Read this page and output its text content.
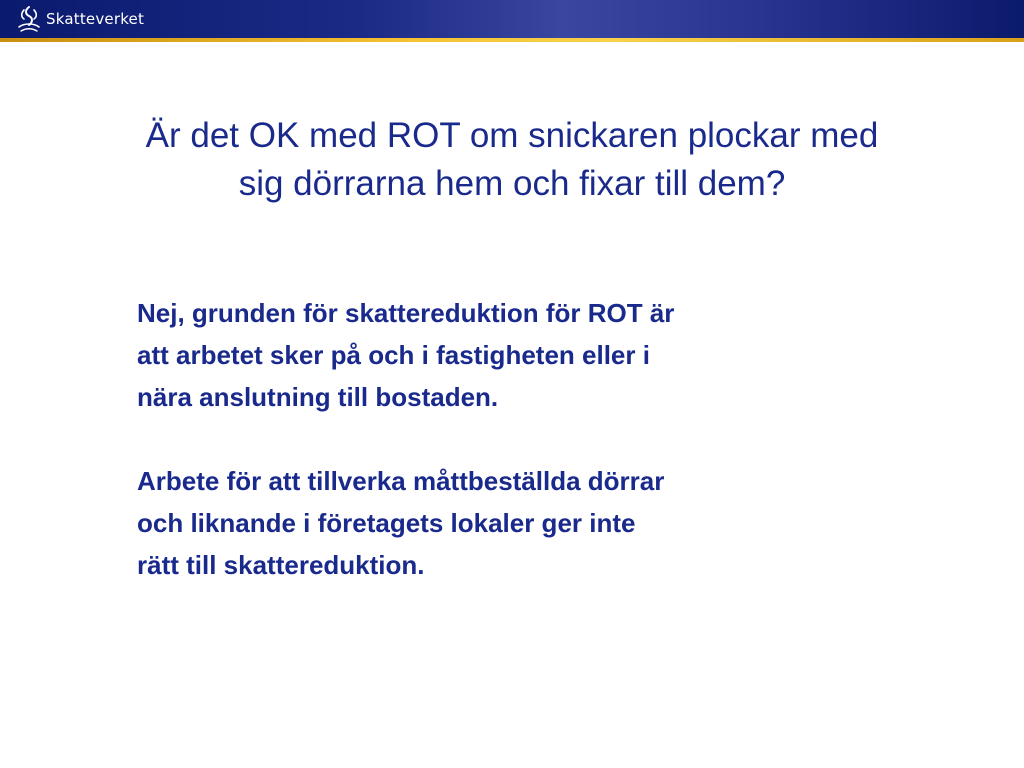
Skatteverket
Är det OK med ROT om snickaren plockar med
sig dörrarna hem och fixar till dem?

Nej, grunden för skattereduktion för ROT är
att arbetet sker på och i fastigheten eller i
nära anslutning till bostaden.

Arbete för att tillverka måttbeställda dörrar
och liknande i företagets lokaler ger inte
rätt till skattereduktion.
